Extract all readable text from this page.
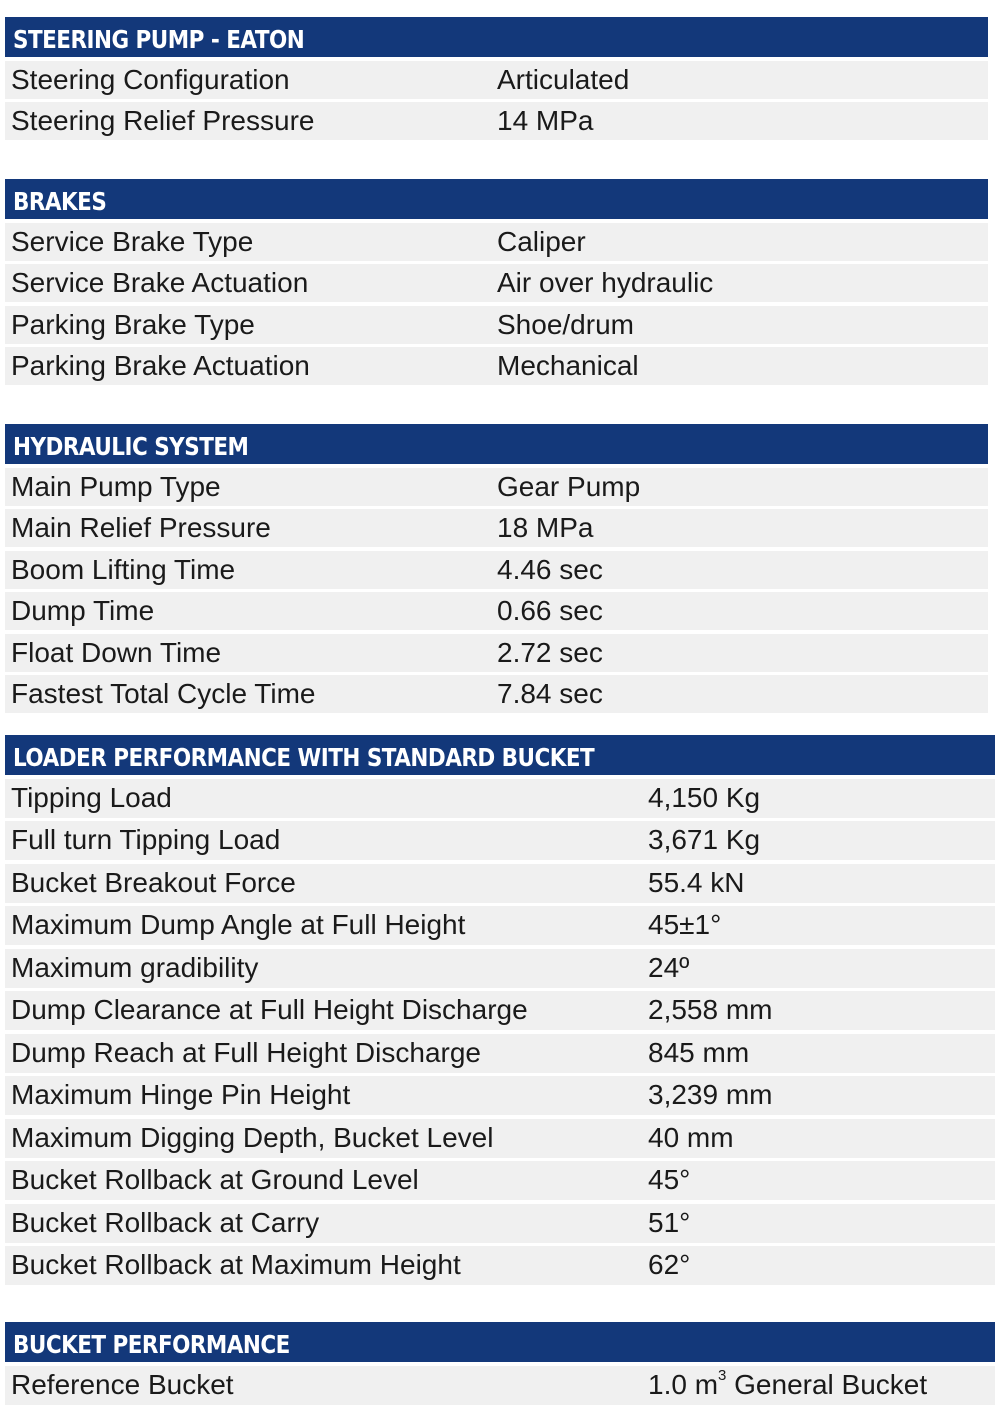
STEERING PUMP - EATON
Steering Configuration	Articulated
Steering Relief Pressure	14 MPa
BRAKES
Service Brake Type	Caliper
Service Brake Actuation	Air over hydraulic
Parking Brake Type	Shoe/drum
Parking Brake Actuation	Mechanical
HYDRAULIC SYSTEM
Main Pump Type	Gear Pump
Main Relief Pressure	18 MPa
Boom Lifting Time	4.46 sec
Dump Time	0.66 sec
Float Down Time	2.72 sec
Fastest Total Cycle Time	7.84 sec
LOADER PERFORMANCE WITH STANDARD BUCKET
Tipping Load	4,150 Kg
Full turn Tipping Load	3,671 Kg
Bucket Breakout Force	55.4 kN
Maximum Dump Angle at Full Height	45±1°
Maximum gradibility	24º
Dump Clearance at Full Height Discharge	2,558 mm
Dump Reach at Full Height Discharge	845 mm
Maximum Hinge Pin Height	3,239 mm
Maximum Digging Depth, Bucket Level	40 mm
Bucket Rollback at Ground Level	45°
Bucket Rollback at Carry	51°
Bucket Rollback at Maximum Height	62°
BUCKET PERFORMANCE
Reference Bucket	1.0 $m^3$ General Bucket
